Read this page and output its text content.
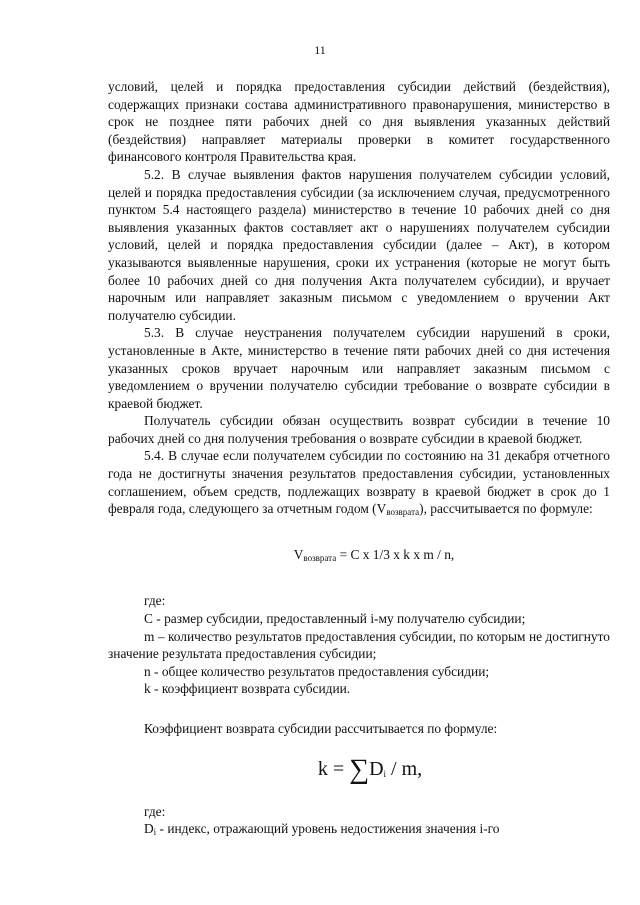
11

условий, целей и порядка предоставления субсидии действий (бездействия), содержащих признаки состава административного правонарушения, министерство в срок не позднее пяти рабочих дней со дня выявления указанных действий (бездействия) направляет материалы проверки в комитет государственного финансового контроля Правительства края.

5.2. В случае выявления фактов нарушения получателем субсидии условий, целей и порядка предоставления субсидии (за исключением случая, предусмотренного пунктом 5.4 настоящего раздела) министерство в течение 10 рабочих дней со дня выявления указанных фактов составляет акт о нарушениях получателем субсидии условий, целей и порядка предоставления субсидии (далее – Акт), в котором указываются выявленные нарушения, сроки их устранения (которые не могут быть более 10 рабочих дней со дня получения Акта получателем субсидии), и вручает нарочным или направляет заказным письмом с уведомлением о вручении Акт получателю субсидии.

5.3. В случае неустранения получателем субсидии нарушений в сроки, установленные в Акте, министерство в течение пяти рабочих дней со дня истечения указанных сроков вручает нарочным или направляет заказным письмом с уведомлением о вручении получателю субсидии требование о возврате субсидии в краевой бюджет.

Получатель субсидии обязан осуществить возврат субсидии в течение 10 рабочих дней со дня получения требования о возврате субсидии в краевой бюджет.

5.4. В случае если получателем субсидии по состоянию на 31 декабря отчетного года не достигнуты значения результатов предоставления субсидии, установленных соглашением, объем средств, подлежащих возврату в краевой бюджет в срок до 1 февраля года, следующего за отчетным годом $(V_{возврата})$, рассчитывается по формуле:

$V_{возврата} = C$ x 1/3 x k x m / n,

где:

C - размер субсидии, предоставленный i-му получателю субсидии;

m – количество результатов предоставления субсидии, по которым не достигнуто значение результата предоставления субсидии;

n - общее количество результатов предоставления субсидии;

k - коэффициент возврата субсидии.

Коэффициент возврата субсидии рассчитывается по формуле:

$k = \sum D_i / m$,

где:

$D_i$ - индекс, отражающий уровень недостижения значения i-го
